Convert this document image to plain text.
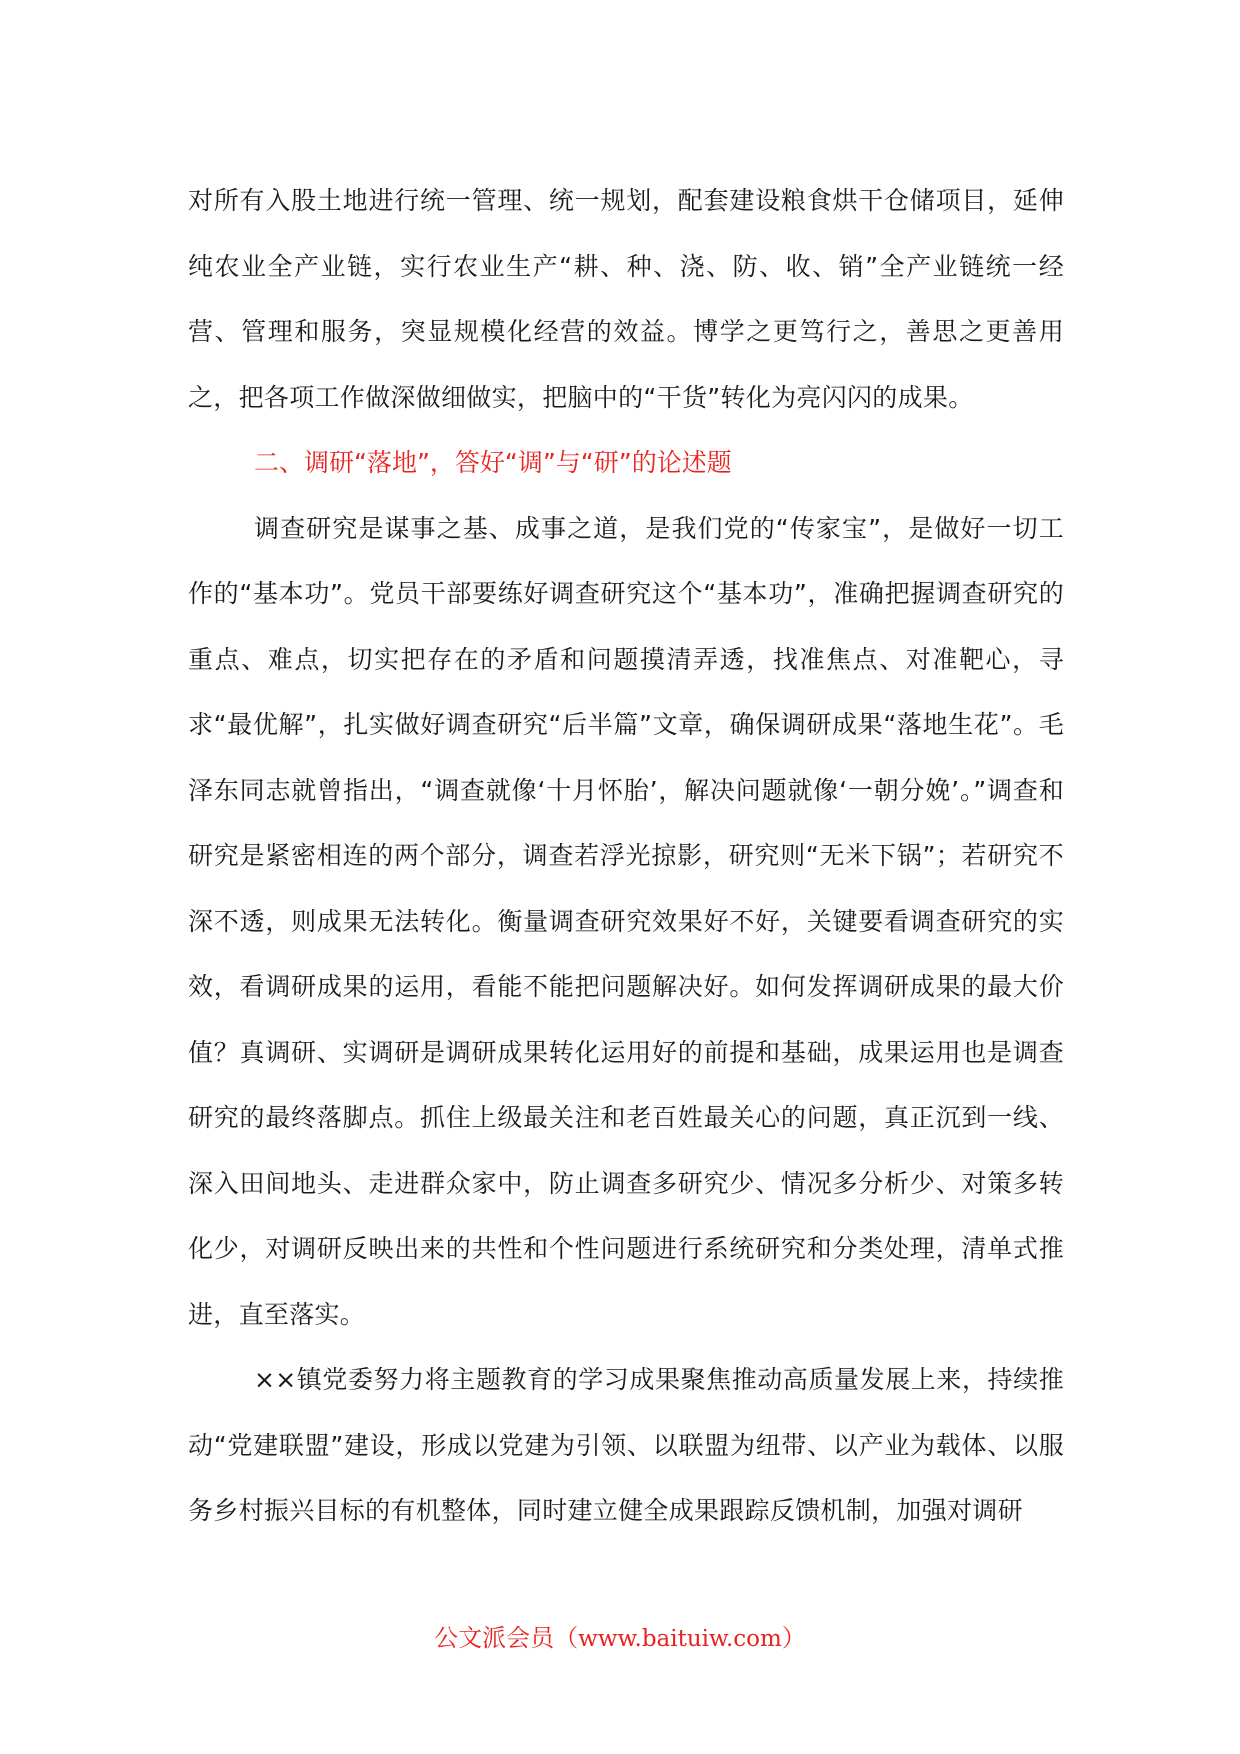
对所有入股土地进行统一管理、统一规划，配套建设粮食烘干仓储项目，延伸纯农业全产业链，实行农业生产“耕、种、浇、防、收、销”全产业链统一经营、管理和服务，突显规模化经营的效益。博学之更笃行之，善思之更善用之，把各项工作做深做细做实，把脑中的“干货”转化为亮闪闪的成果。

二、调研“落地”，答好“调”与“研”的论述题

调查研究是谋事之基、成事之道，是我们党的“传家宝”，是做好一切工作的“基本功”。党员干部要练好调查研究这个“基本功”，准确把握调查研究的重点、难点，切实把存在的矛盾和问题摸清弄透，找准焦点、对准靶心，寻求“最优解”，扎实做好调查研究“后半篇”文章，确保调研成果“落地生花”。毛泽东同志就曾指出，“调查就像‘十月怀胎’，解决问题就像‘一朝分娩’。”调查和研究是紧密相连的两个部分，调查若浮光掠影，研究则“无米下锅”；若研究不深不透，则成果无法转化。衡量调查研究效果好不好，关键要看调查研究的实效，看调研成果的运用，看能不能把问题解决好。如何发挥调研成果的最大价值？真调研、实调研是调研成果转化运用好的前提和基础，成果运用也是调查研究的最终落脚点。抓住上级最关注和老百姓最关心的问题，真正沉到一线、深入田间地头、走进群众家中，防止调查多研究少、情况多分析少、对策多转化少，对调研反映出来的共性和个性问题进行系统研究和分类处理，清单式推进，直至落实。

××镇党委努力将主题教育的学习成果聚焦推动高质量发展上来，持续推动“党建联盟”建设，形成以党建为引领、以联盟为纽带、以产业为载体、以服务乡村振兴目标的有机整体，同时建立健全成果跟踪反馈机制，加强对调研

公文派会员（www.baituiw.com）
